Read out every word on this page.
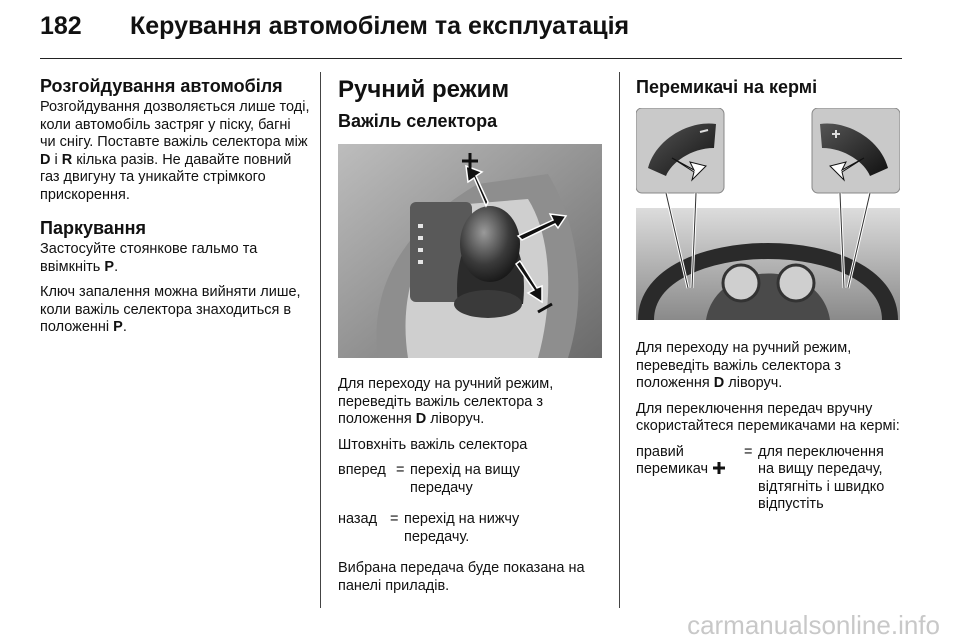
182 Керування автомобілем та експлуатація
Розгойдування автомобіля

Розгойдування дозволяється лише тоді, коли автомобіль застряг у піску, багні чи снігу. Поставте важіль селектора між D і R кілька разів. Не давайте повний газ двигуну та уникайте стрімкого прискорення.

Паркування

Застосуйте стоянкове гальмо та ввімкніть P.

Ключ запалення можна вийняти лише, коли важіль селектора знаходиться в положенні P.

Ручний режим
Важіль селектора

Для переходу на ручний режим, переведіть важіль селектора з положення D ліворуч.

Штовхніть важіль селектора

вперед = перехід на вищу передачу
назад = перехід на нижчу передачу.

Вибрана передача буде показана на панелі приладів.

Перемикачі на кермі

Для переходу на ручний режим, переведіть важіль селектора з положення D ліворуч.

Для переключення передач вручну скористайтеся перемикачами на кермі:

правий перемикач
= для переключення на вищу передачу, відтягніть і швидко відпустіть
carmanualsonline.info
